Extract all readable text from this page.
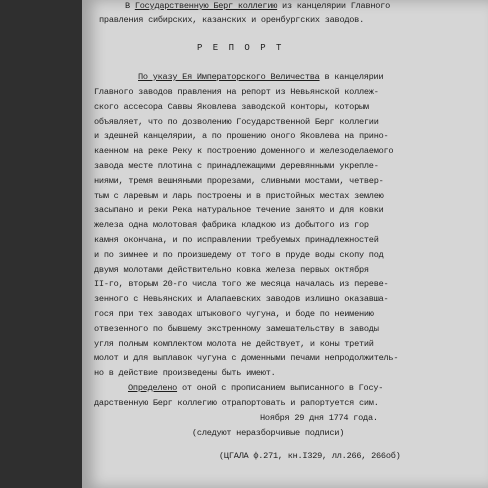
В Государственную Берг коллегию из канцелярии Главного

правления сибирских, казанских и оренбургских заводов.

Р Е П О Р Т

По указу Ея Императорского Величества в канцелярии

Главного заводов правления на репорт из Невьянской коллеж-

ского ассесора Саввы Яковлева заводской конторы, которым

объявляет, что по дозволению Государственной Берг коллегии

и здешней канцелярии, а по прошению оного Яковлева на прино-

каенном на реке Реку к построению доменного и железоделаемого

завода месте плотина с принадлежащими деревянными укрепле-

ниями, тремя вешняными прорезами, сливными мостами, четвер-

тым с ларевым и ларь построены и в пристойных местах землею

засыпано и реки Река натуральное течение занято и для ковки

железа одна молотовая фабрика кладкою из добытого из гор

камня окончана, и по исправлении требуемых принадлежностей

и по зимнее и по произшедему от того в пруде воды скопу под

двумя молотами действительно ковка железа первых октября

II-го, вторым 20-го числа того же месяца началась из переве-

зенного с Невьянских и Алапаевских заводов излишно оказавша-

гося при тех заводах штыкового чугуна, и боде по неимению

отвезенного по бывшему экстренному замешательству в заводы

угля полным комплектом молота не действует, и коны третий

молот и для выплавок чугуна с доменными печами непродолжитель-

но в действие произведены быть имеют.

Определено от оной с прописанием выписанного в Госу-

дарственную Берг коллегию отрапортовать и рапортуется сим.

Ноября 29 дня 1774 года.

(следуют неразборчивые подписи)

(ЦГАЛА ф.271, кн.I329, лл.266, 266об)
